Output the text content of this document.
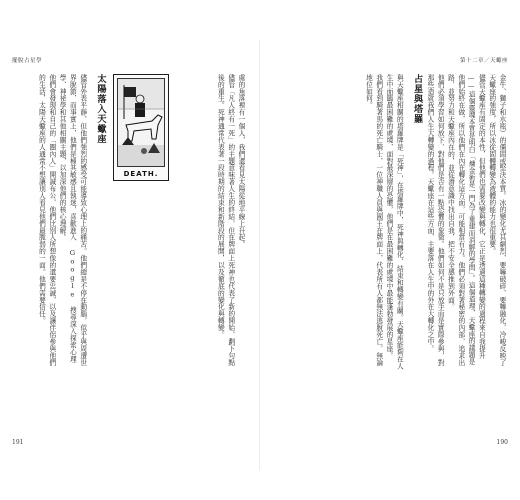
擺脫占星學	第十二章／天蠍座

金牛、獅子和水瓶）的僵固或堅決本質。冰的變化尤其劇烈，要嘛破碎、要嘛融化，冷峻反映了天蠍座的強度，所以冰從固體轉變為液體的能力也很重要。

儘管天蠍座有固定的本性，但他們也需要改變與轉化，它正是透過這種轉變的過程來自我提升——這個靈魂本質是明白「煉金術是一門為了重建而消解的學問」。這個道理，天蠍座的議題是他們始終在做，所以他們在內在轉化這方面，可能相當有力。他們必須對著秘密的內部，追求出路，並努力和天蠍座內在的，並從潛意識中找出自我，把不安全感推到外面。

他們必須學習如何放下、對他們是否有一點恐懼的象徵。他們如何不是只放手而是實際參與，對那些造就我們人生大轉變的過程。天蠍座在這些方面，主要落在人生中的外在大轉化之中。

占星與塔羅

與天蠍座相關的塔羅牌是「死神」，在塔羅牌中，死神與轉化、結束和轉變有關。天蠍座能夠在人生中面臨最困難的處境，面對最深層的恐懼，他們是在最困難的處境中最能蓬勃發展的星座。

我們看到騎著馬的死亡騎士，一位神職人員與國王在牌面上，代表所有人都無法逃脫死亡，無論地位如何。

處的角落裡有一個人，我們還看見太陽從地平線上升起。

儘管「凡人終有一死」的主題意味著人生的終結，但在牌面上死神也代表了新的開始、劃下句點後的重生。死神通常代表著一段時期的結束和新階段的展開，以及徹底的變化與轉變。

DEATH.
太陽落入天蠍座

儘管外表平靜，但他們強烈的感受可能導致心理上的痛苦。他們總是不停在動腦，似乎與周遭世界脫節，而事實上，他們是極其敏感且執迷，喜歡進入 Google 搜尋深入探索心理學、神祕學和其他相關主題，以加深他們的核心理解。

他們會發現和自己的「圈內人」開誠布公，他們比別人所想像的還要忠誠，以及讓伴侶參與他們的生活，太陽天蠍座的人通常不想讓別人看見他們最脆弱的一面。他們需要信任。

191	190
